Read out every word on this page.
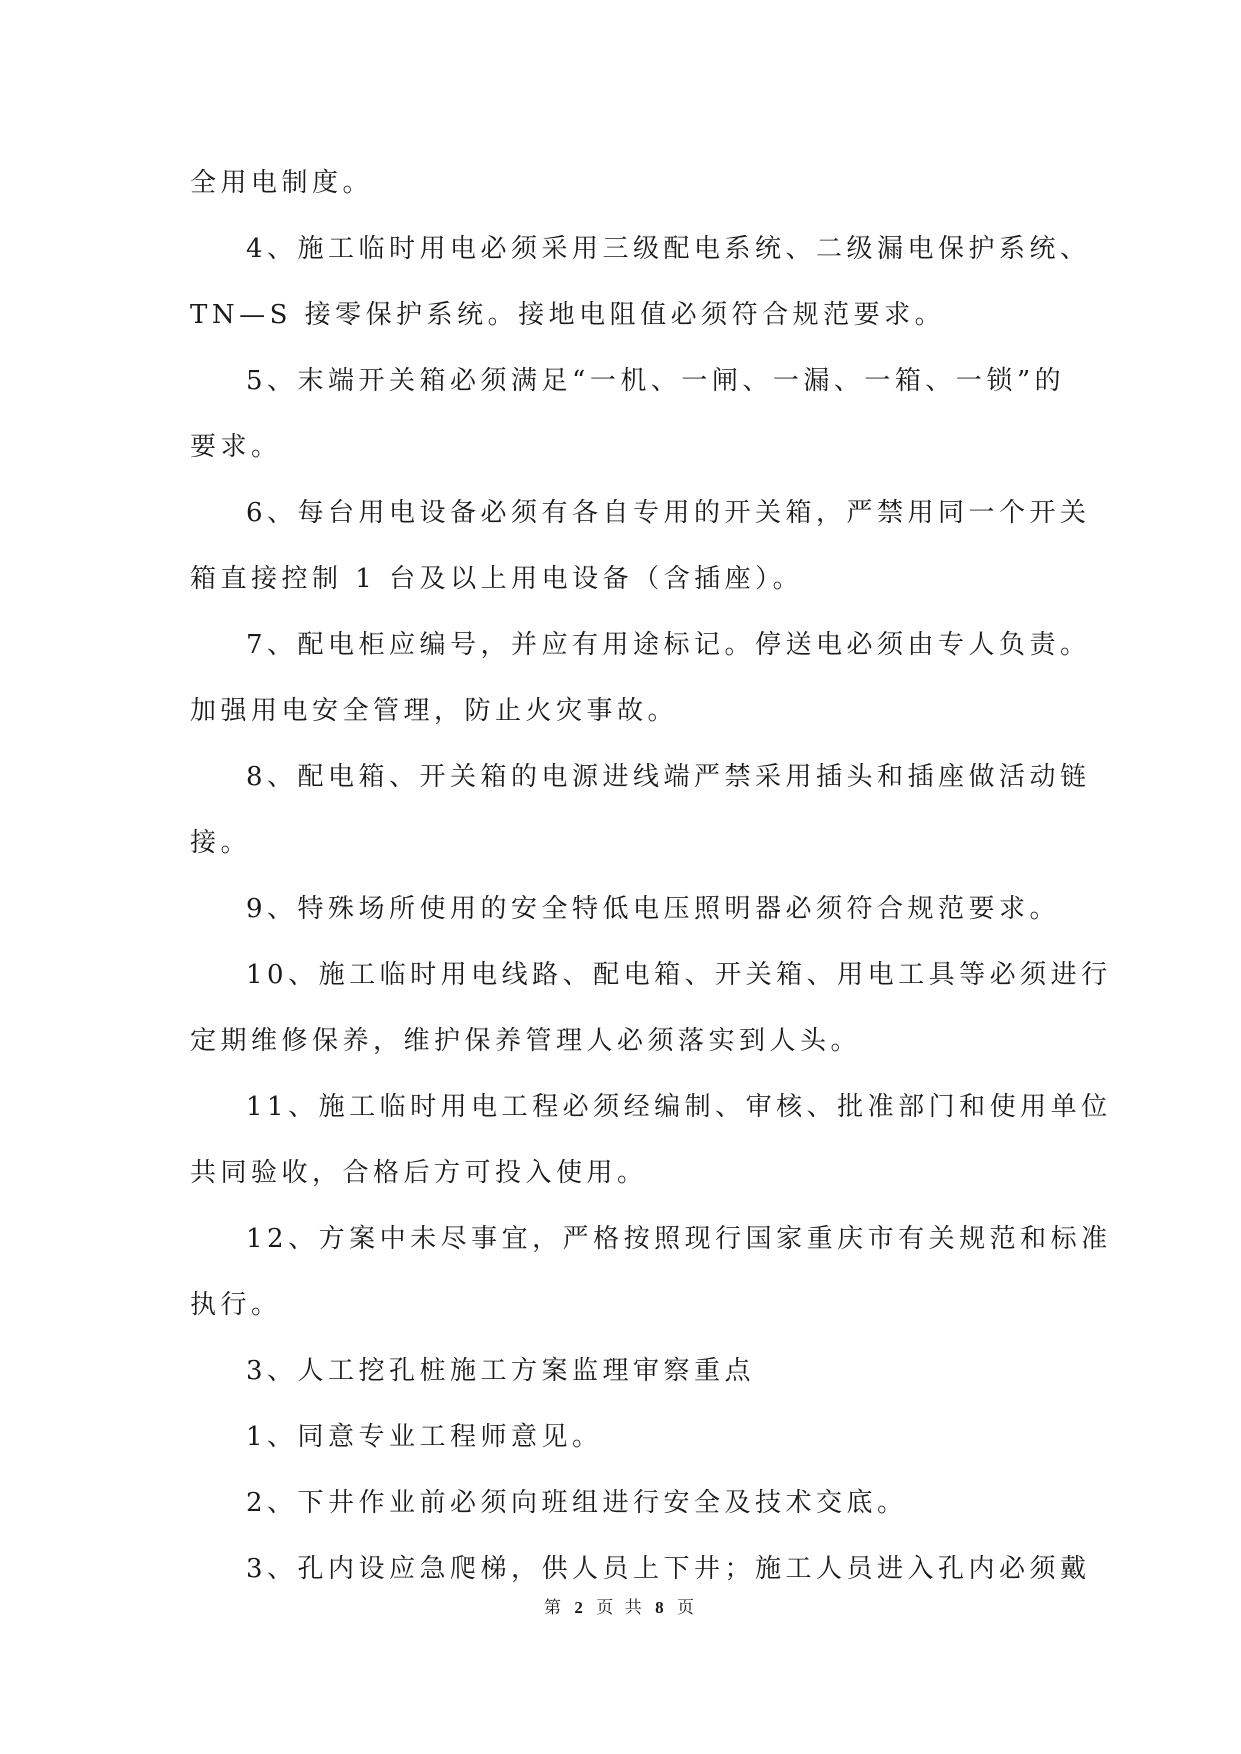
全用电制度。
4、施工临时用电必须采用三级配电系统、二级漏电保护系统、
TN—S 接零保护系统。接地电阻值必须符合规范要求。
5、末端开关箱必须满足“一机、一闸、一漏、一箱、一锁”的
要求。
6、每台用电设备必须有各自专用的开关箱，严禁用同一个开关
箱直接控制 1 台及以上用电设备（含插座）。
7、配电柜应编号，并应有用途标记。停送电必须由专人负责。
加强用电安全管理，防止火灾事故。
8、配电箱、开关箱的电源进线端严禁采用插头和插座做活动链
接。
9、特殊场所使用的安全特低电压照明器必须符合规范要求。
10、施工临时用电线路、配电箱、开关箱、用电工具等必须进行
定期维修保养，维护保养管理人必须落实到人头。
11、施工临时用电工程必须经编制、审核、批准部门和使用单位
共同验收，合格后方可投入使用。
12、方案中未尽事宜，严格按照现行国家重庆市有关规范和标准
执行。
3、人工挖孔桩施工方案监理审察重点
1、同意专业工程师意见。
2、下井作业前必须向班组进行安全及技术交底。
3、孔内设应急爬梯，供人员上下井；施工人员进入孔内必须戴
第 2 页 共 8 页
